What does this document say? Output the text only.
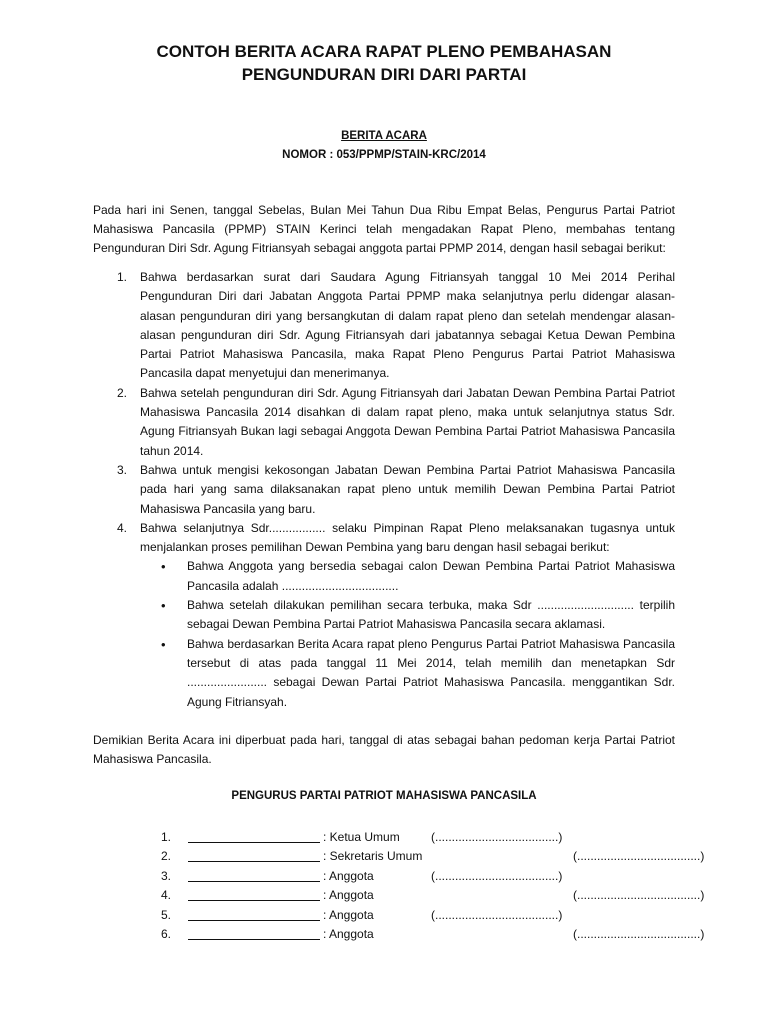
CONTOH BERITA ACARA RAPAT PLENO PEMBAHASAN
PENGUNDURAN DIRI DARI PARTAI
BERITA ACARA
NOMOR : 053/PPMP/STAIN-KRC/2014

Pada hari ini Senen, tanggal Sebelas, Bulan Mei Tahun Dua Ribu Empat Belas, Pengurus Partai Patriot Mahasiswa Pancasila (PPMP) STAIN Kerinci telah mengadakan Rapat Pleno, membahas tentang Pengunduran Diri Sdr. Agung Fitriansyah sebagai anggota partai PPMP 2014, dengan hasil sebagai berikut:

1. Bahwa berdasarkan surat dari Saudara Agung Fitriansyah tanggal 10 Mei 2014 Perihal Pengunduran Diri dari Jabatan Anggota Partai PPMP maka selanjutnya perlu didengar alasan-alasan pengunduran diri yang bersangkutan di dalam rapat pleno dan setelah mendengar alasan-alasan pengunduran diri Sdr. Agung Fitriansyah dari jabatannya sebagai Ketua Dewan Pembina Partai Patriot Mahasiswa Pancasila, maka Rapat Pleno Pengurus Partai Patriot Mahasiswa Pancasila dapat menyetujui dan menerimanya.
2. Bahwa setelah pengunduran diri Sdr. Agung Fitriansyah dari Jabatan Dewan Pembina Partai Patriot Mahasiswa Pancasila 2014 disahkan di dalam rapat pleno, maka untuk selanjutnya status Sdr. Agung Fitriansyah Bukan lagi sebagai Anggota Dewan Pembina Partai Patriot Mahasiswa Pancasila tahun 2014.
3. Bahwa untuk mengisi kekosongan Jabatan Dewan Pembina Partai Patriot Mahasiswa Pancasila pada hari yang sama dilaksanakan rapat pleno untuk memilih Dewan Pembina Partai Patriot Mahasiswa Pancasila yang baru.
4. Bahwa selanjutnya Sdr................. selaku Pimpinan Rapat Pleno melaksanakan tugasnya untuk menjalankan proses pemilihan Dewan Pembina yang baru dengan hasil sebagai berikut:
• Bahwa Anggota yang bersedia sebagai calon Dewan Pembina Partai Patriot Mahasiswa Pancasila adalah ...................................
• Bahwa setelah dilakukan pemilihan secara terbuka, maka Sdr ............................. terpilih sebagai Dewan Pembina Partai Patriot Mahasiswa Pancasila secara aklamasi.
• Bahwa berdasarkan Berita Acara rapat pleno Pengurus Partai Patriot Mahasiswa Pancasila tersebut di atas pada tanggal 11 Mei 2014, telah memilih dan menetapkan Sdr ........................ sebagai Dewan Partai Patriot Mahasiswa Pancasila. menggantikan Sdr. Agung Fitriansyah.

Demikian Berita Acara ini diperbuat pada hari, tanggal di atas sebagai bahan pedoman kerja Partai Patriot Mahasiswa Pancasila.

PENGURUS PARTAI PATRIOT MAHASISWA PANCASILA
1.	: Ketua Umum	(.....................................)
2.	: Sekretaris Umum	(.....................................)
3.	: Anggota	(.....................................)
4.	: Anggota	(.....................................)
5.	: Anggota	(.....................................)
6.	: Anggota	(.....................................)
